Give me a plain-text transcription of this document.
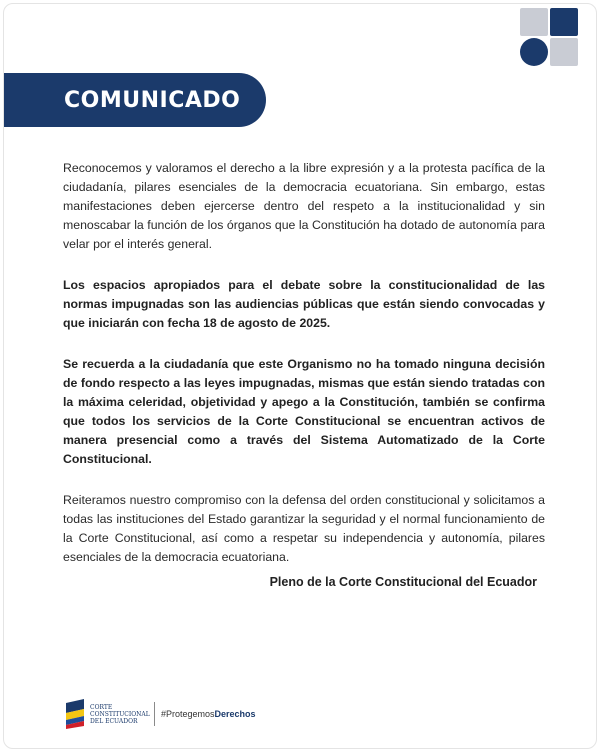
COMUNICADO

Reconocemos y valoramos el derecho a la libre expresión y a la protesta pacífica de la ciudadanía, pilares esenciales de la democracia ecuatoriana. Sin embargo, estas manifestaciones deben ejercerse dentro del respeto a la institucionalidad y sin menoscabar la función de los órganos que la Constitución ha dotado de autonomía para velar por el interés general.

Los espacios apropiados para el debate sobre la constitucionalidad de las normas impugnadas son las audiencias públicas que están siendo convocadas y que iniciarán con fecha 18 de agosto de 2025.

Se recuerda a la ciudadanía que este Organismo no ha tomado ninguna decisión de fondo respecto a las leyes impugnadas, mismas que están siendo tratadas con la máxima celeridad, objetividad y apego a la Constitución, también se confirma que todos los servicios de la Corte Constitucional se encuentran activos de manera presencial como a través del Sistema Automatizado de la Corte Constitucional.

Reiteramos nuestro compromiso con la defensa del orden constitucional y solicitamos a todas las instituciones del Estado garantizar la seguridad y el normal funcionamiento de la Corte Constitucional, así como a respetar su independencia y autonomía, pilares esenciales de la democracia ecuatoriana.

Pleno de la Corte Constitucional del Ecuador
CORTE
CONSTITUCIONAL
DEL ECUADOR
#ProtegemosDerechos
